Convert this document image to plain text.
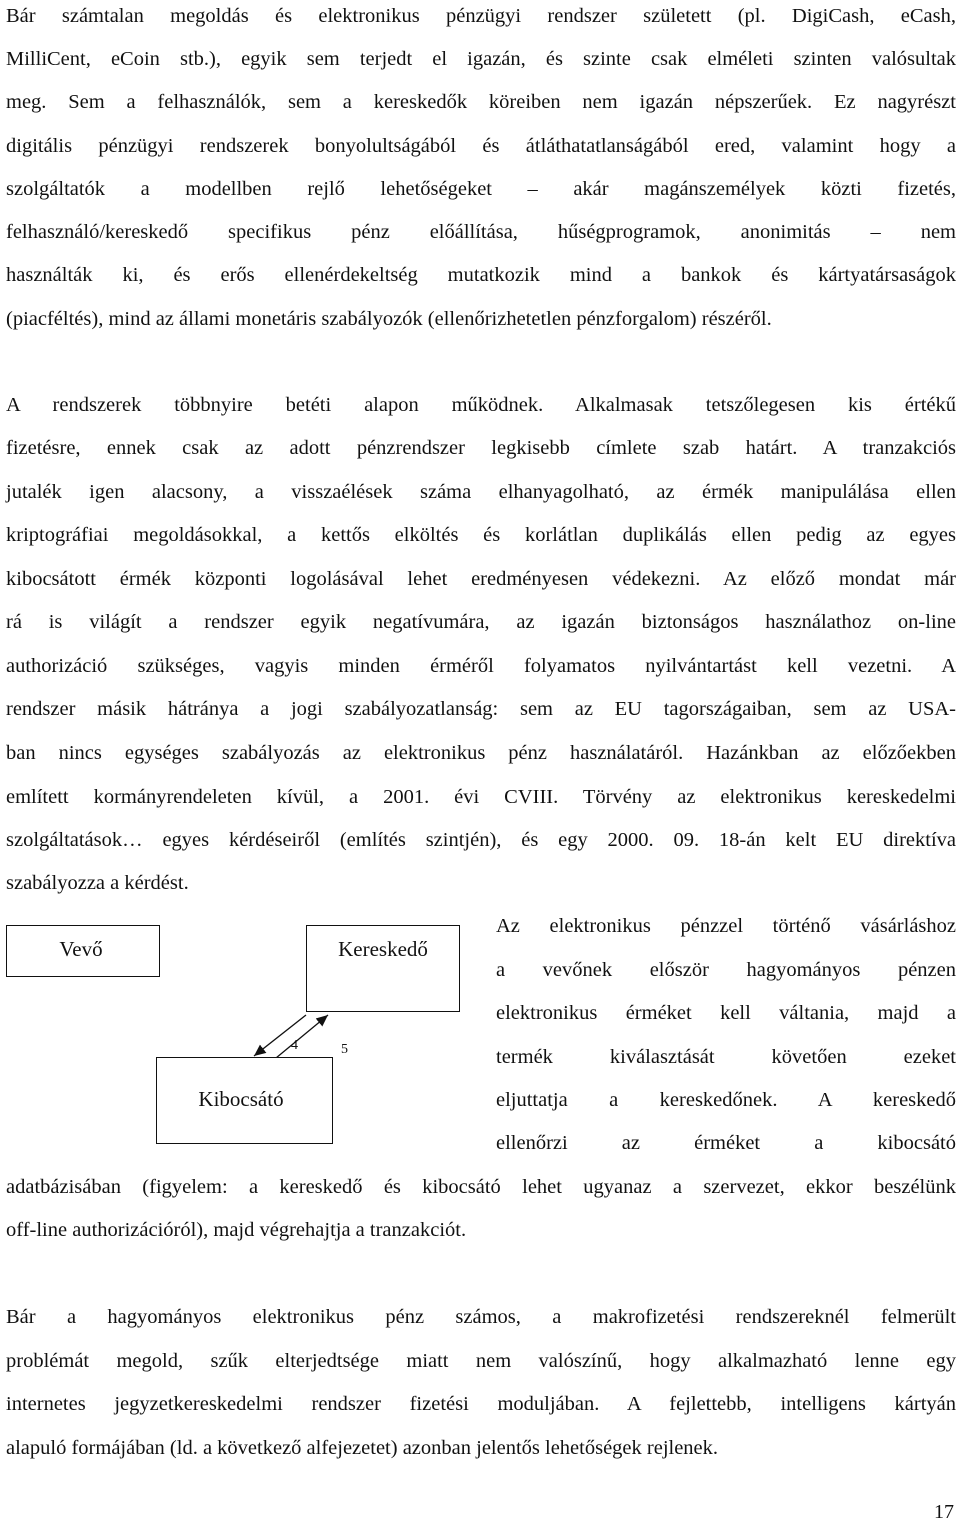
Bár számtalan megoldás és elektronikus pénzügyi rendszer született (pl. DigiCash, eCash,
MilliCent, eCoin stb.), egyik sem terjedt el igazán, és szinte csak elméleti szinten valósultak
meg. Sem a felhasználók, sem a kereskedők köreiben nem igazán népszerűek. Ez nagyrészt
digitális pénzügyi rendszerek bonyolultságából és átláthatatlanságából ered, valamint hogy a
szolgáltatók a modellben rejlő lehetőségeket – akár magánszemélyek közti fizetés,
felhasználó/kereskedő specifikus pénz előállítása, hűségprogramok, anonimitás – nem
használták ki, és erős ellenérdekeltség mutatkozik mind a bankok és kártyatársaságok
(piacféltés), mind az állami monetáris szabályozók (ellenőrizhetetlen pénzforgalom) részéről.
A rendszerek többnyire betéti alapon működnek. Alkalmasak tetszőlegesen kis értékű
fizetésre, ennek csak az adott pénzrendszer legkisebb címlete szab határt. A tranzakciós
jutalék igen alacsony, a visszaélések száma elhanyagolható, az érmék manipulálása ellen
kriptográfiai megoldásokkal, a kettős elköltés és korlátlan duplikálás ellen pedig az egyes
kibocsátott érmék központi logolásával lehet eredményesen védekezni. Az előző mondat már
rá is világít a rendszer egyik negatívumára, az igazán biztonságos használathoz on-line
authorizáció szükséges, vagyis minden érméről folyamatos nyilvántartást kell vezetni. A
rendszer másik hátránya a jogi szabályozatlanság: sem az EU tagországaiban, sem az USA-
ban nincs egységes szabályozás az elektronikus pénz használatáról. Hazánkban az előzőekben
említett kormányrendeleten kívül, a 2001. évi CVIII. Törvény az elektronikus kereskedelmi
szolgáltatások… egyes kérdéseiről (említés szintjén), és egy 2000. 09. 18-án kelt EU direktíva
szabályozza a kérdést.
Vevő	Kereskedő
Kibocsátó
4	5
Az elektronikus pénzzel történő vásárláshoz
a vevőnek először hagyományos pénzen
elektronikus érméket kell váltania, majd a
termék kiválasztását követően ezeket
eljuttatja a kereskedőnek. A kereskedő
ellenőrzi az érméket a kibocsátó
adatbázisában (figyelem: a kereskedő és kibocsátó lehet ugyanaz a szervezet, ekkor beszélünk
off-line authorizációról), majd végrehajtja a tranzakciót.
Bár a hagyományos elektronikus pénz számos, a makrofizetési rendszereknél felmerült
problémát megold, szűk elterjedtsége miatt nem valószínű, hogy alkalmazható lenne egy
internetes jegyzetkereskedelmi rendszer fizetési moduljában. A fejlettebb, intelligens kártyán
alapuló formájában (ld. a következő alfejezetet) azonban jelentős lehetőségek rejlenek.
17
